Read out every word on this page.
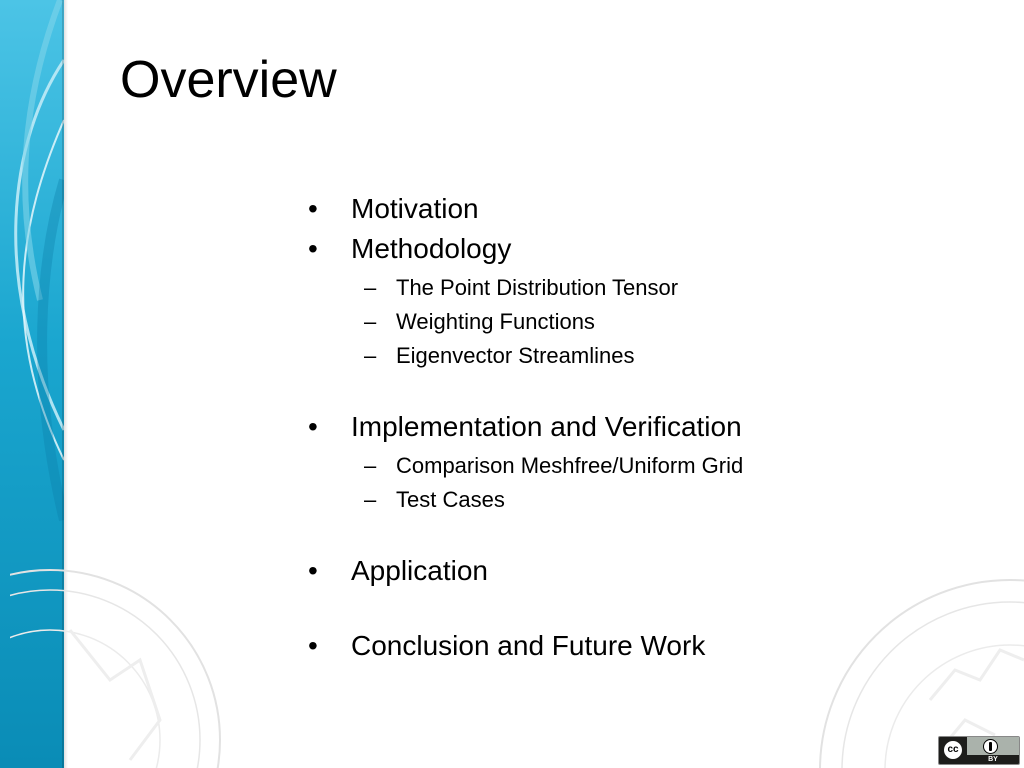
Overview
• Motivation
• Methodology
– The Point Distribution Tensor
– Weighting Functions
– Eigenvector Streamlines
• Implementation and Verification
– Comparison Meshfree/Uniform Grid
– Test Cases
• Application
• Conclusion and Future Work
cc
BY
